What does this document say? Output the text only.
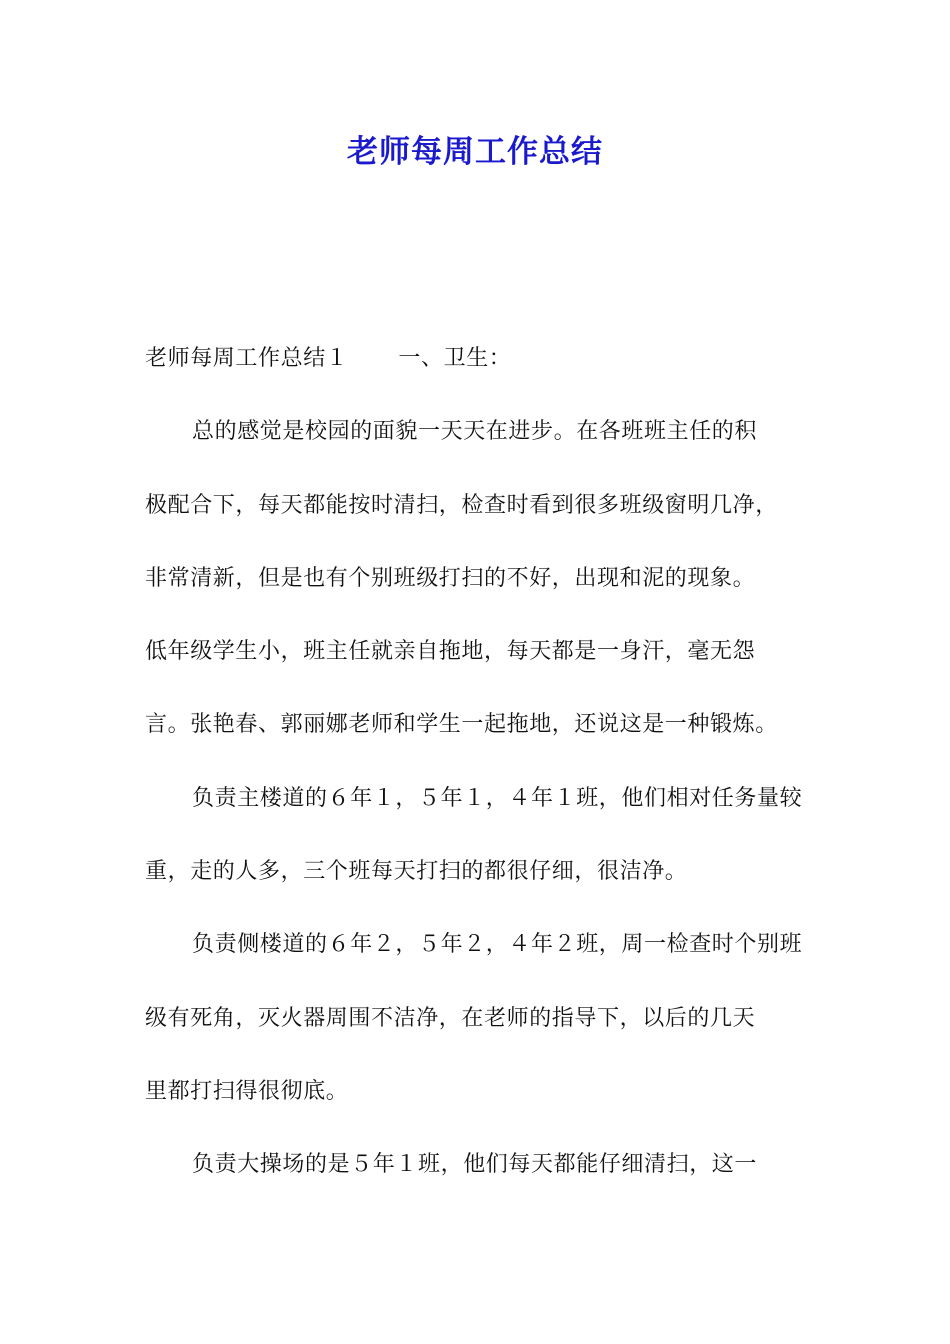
老师每周工作总结
老师每周工作总结１ 一、卫生：
总的感觉是校园的面貌一天天在进步。在各班班主任的积
极配合下，每天都能按时清扫，检查时看到很多班级窗明几净，
非常清新，但是也有个别班级打扫的不好，出现和泥的现象。
低年级学生小，班主任就亲自拖地，每天都是一身汗，毫无怨
言。张艳春、郭丽娜老师和学生一起拖地，还说这是一种锻炼。
负责主楼道的６年１，５年１，４年１班，他们相对任务量较
重，走的人多，三个班每天打扫的都很仔细，很洁净。
负责侧楼道的６年２，５年２，４年２班，周一检查时个别班
级有死角，灭火器周围不洁净，在老师的指导下，以后的几天
里都打扫得很彻底。
负责大操场的是５年１班，他们每天都能仔细清扫，这一
